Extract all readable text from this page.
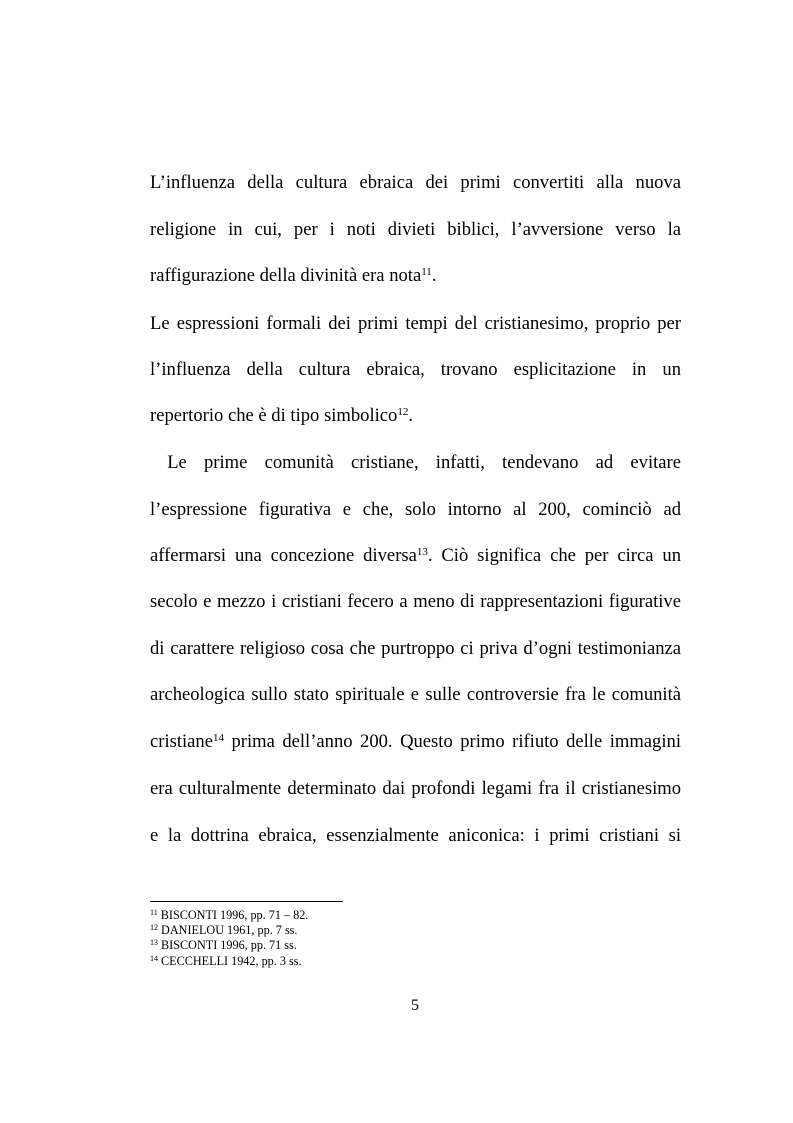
L’influenza della cultura ebraica dei primi convertiti alla nuova
religione in cui, per i noti divieti biblici, l’avversione verso la
raffigurazione della divinità era nota$^{11}$.
Le espressioni formali dei primi tempi del cristianesimo, proprio per
l’influenza della cultura ebraica, trovano esplicitazione in un
repertorio che è di tipo simbolico$^{12}$.
Le prime comunità cristiane, infatti, tendevano ad evitare
l’espressione figurativa e che, solo intorno al 200, cominciò ad
affermarsi una concezione diversa$^{13}$. Ciò significa che per circa un
secolo e mezzo i cristiani fecero a meno di rappresentazioni figurative
di carattere religioso cosa che purtroppo ci priva d’ogni testimonianza
archeologica sullo stato spirituale e sulle controversie fra le comunità
cristiane$^{14}$ prima dell’anno 200. Questo primo rifiuto delle immagini
era culturalmente determinato dai profondi legami fra il cristianesimo
e la dottrina ebraica, essenzialmente aniconica: i primi cristiani si
$^{11}$ BISCONTI 1996, pp. 71 – 82.
$^{12}$ DANIELOU 1961, pp. 7 ss.
$^{13}$ BISCONTI 1996, pp. 71 ss.
$^{14}$ CECCHELLI 1942, pp. 3 ss.
5
